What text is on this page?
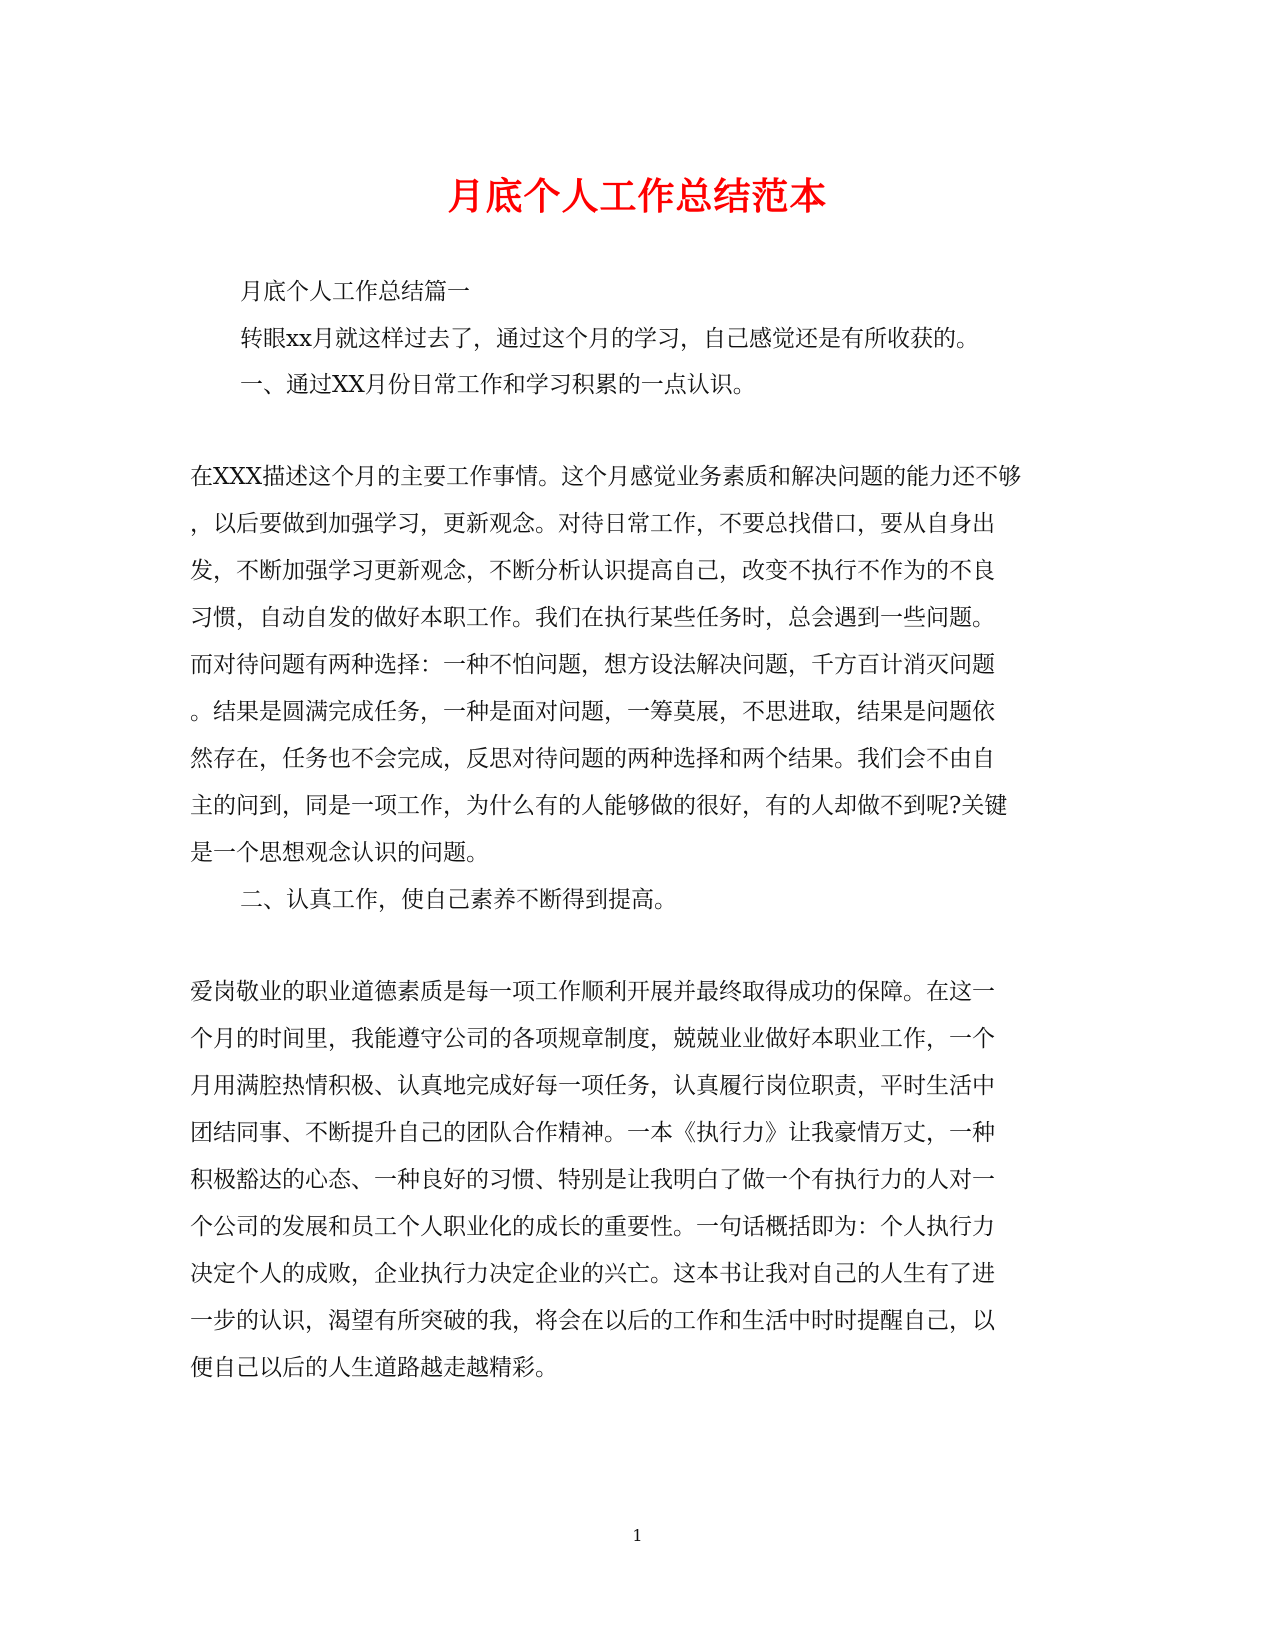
月底个人工作总结范本

月底个人工作总结篇一

转眼xx月就这样过去了，通过这个月的学习，自己感觉还是有所收获的。

一、通过XX月份日常工作和学习积累的一点认识。

在XXX描述这个月的主要工作事情。这个月感觉业务素质和解决问题的能力还不够

，以后要做到加强学习，更新观念。对待日常工作，不要总找借口，要从自身出

发，不断加强学习更新观念，不断分析认识提高自己，改变不执行不作为的不良

习惯，自动自发的做好本职工作。我们在执行某些任务时，总会遇到一些问题。

而对待问题有两种选择：一种不怕问题，想方设法解决问题，千方百计消灭问题

。结果是圆满完成任务，一种是面对问题，一筹莫展，不思进取，结果是问题依

然存在，任务也不会完成，反思对待问题的两种选择和两个结果。我们会不由自

主的问到，同是一项工作，为什么有的人能够做的很好，有的人却做不到呢?关键

是一个思想观念认识的问题。

二、认真工作，使自己素养不断得到提高。

爱岗敬业的职业道德素质是每一项工作顺利开展并最终取得成功的保障。在这一

个月的时间里，我能遵守公司的各项规章制度，兢兢业业做好本职业工作，一个

月用满腔热情积极、认真地完成好每一项任务，认真履行岗位职责，平时生活中

团结同事、不断提升自己的团队合作精神。一本《执行力》让我豪情万丈，一种

积极豁达的心态、一种良好的习惯、特别是让我明白了做一个有执行力的人对一

个公司的发展和员工个人职业化的成长的重要性。一句话概括即为：个人执行力

决定个人的成败，企业执行力决定企业的兴亡。这本书让我对自己的人生有了进

一步的认识，渴望有所突破的我，将会在以后的工作和生活中时时提醒自己，以

便自己以后的人生道路越走越精彩。

1
